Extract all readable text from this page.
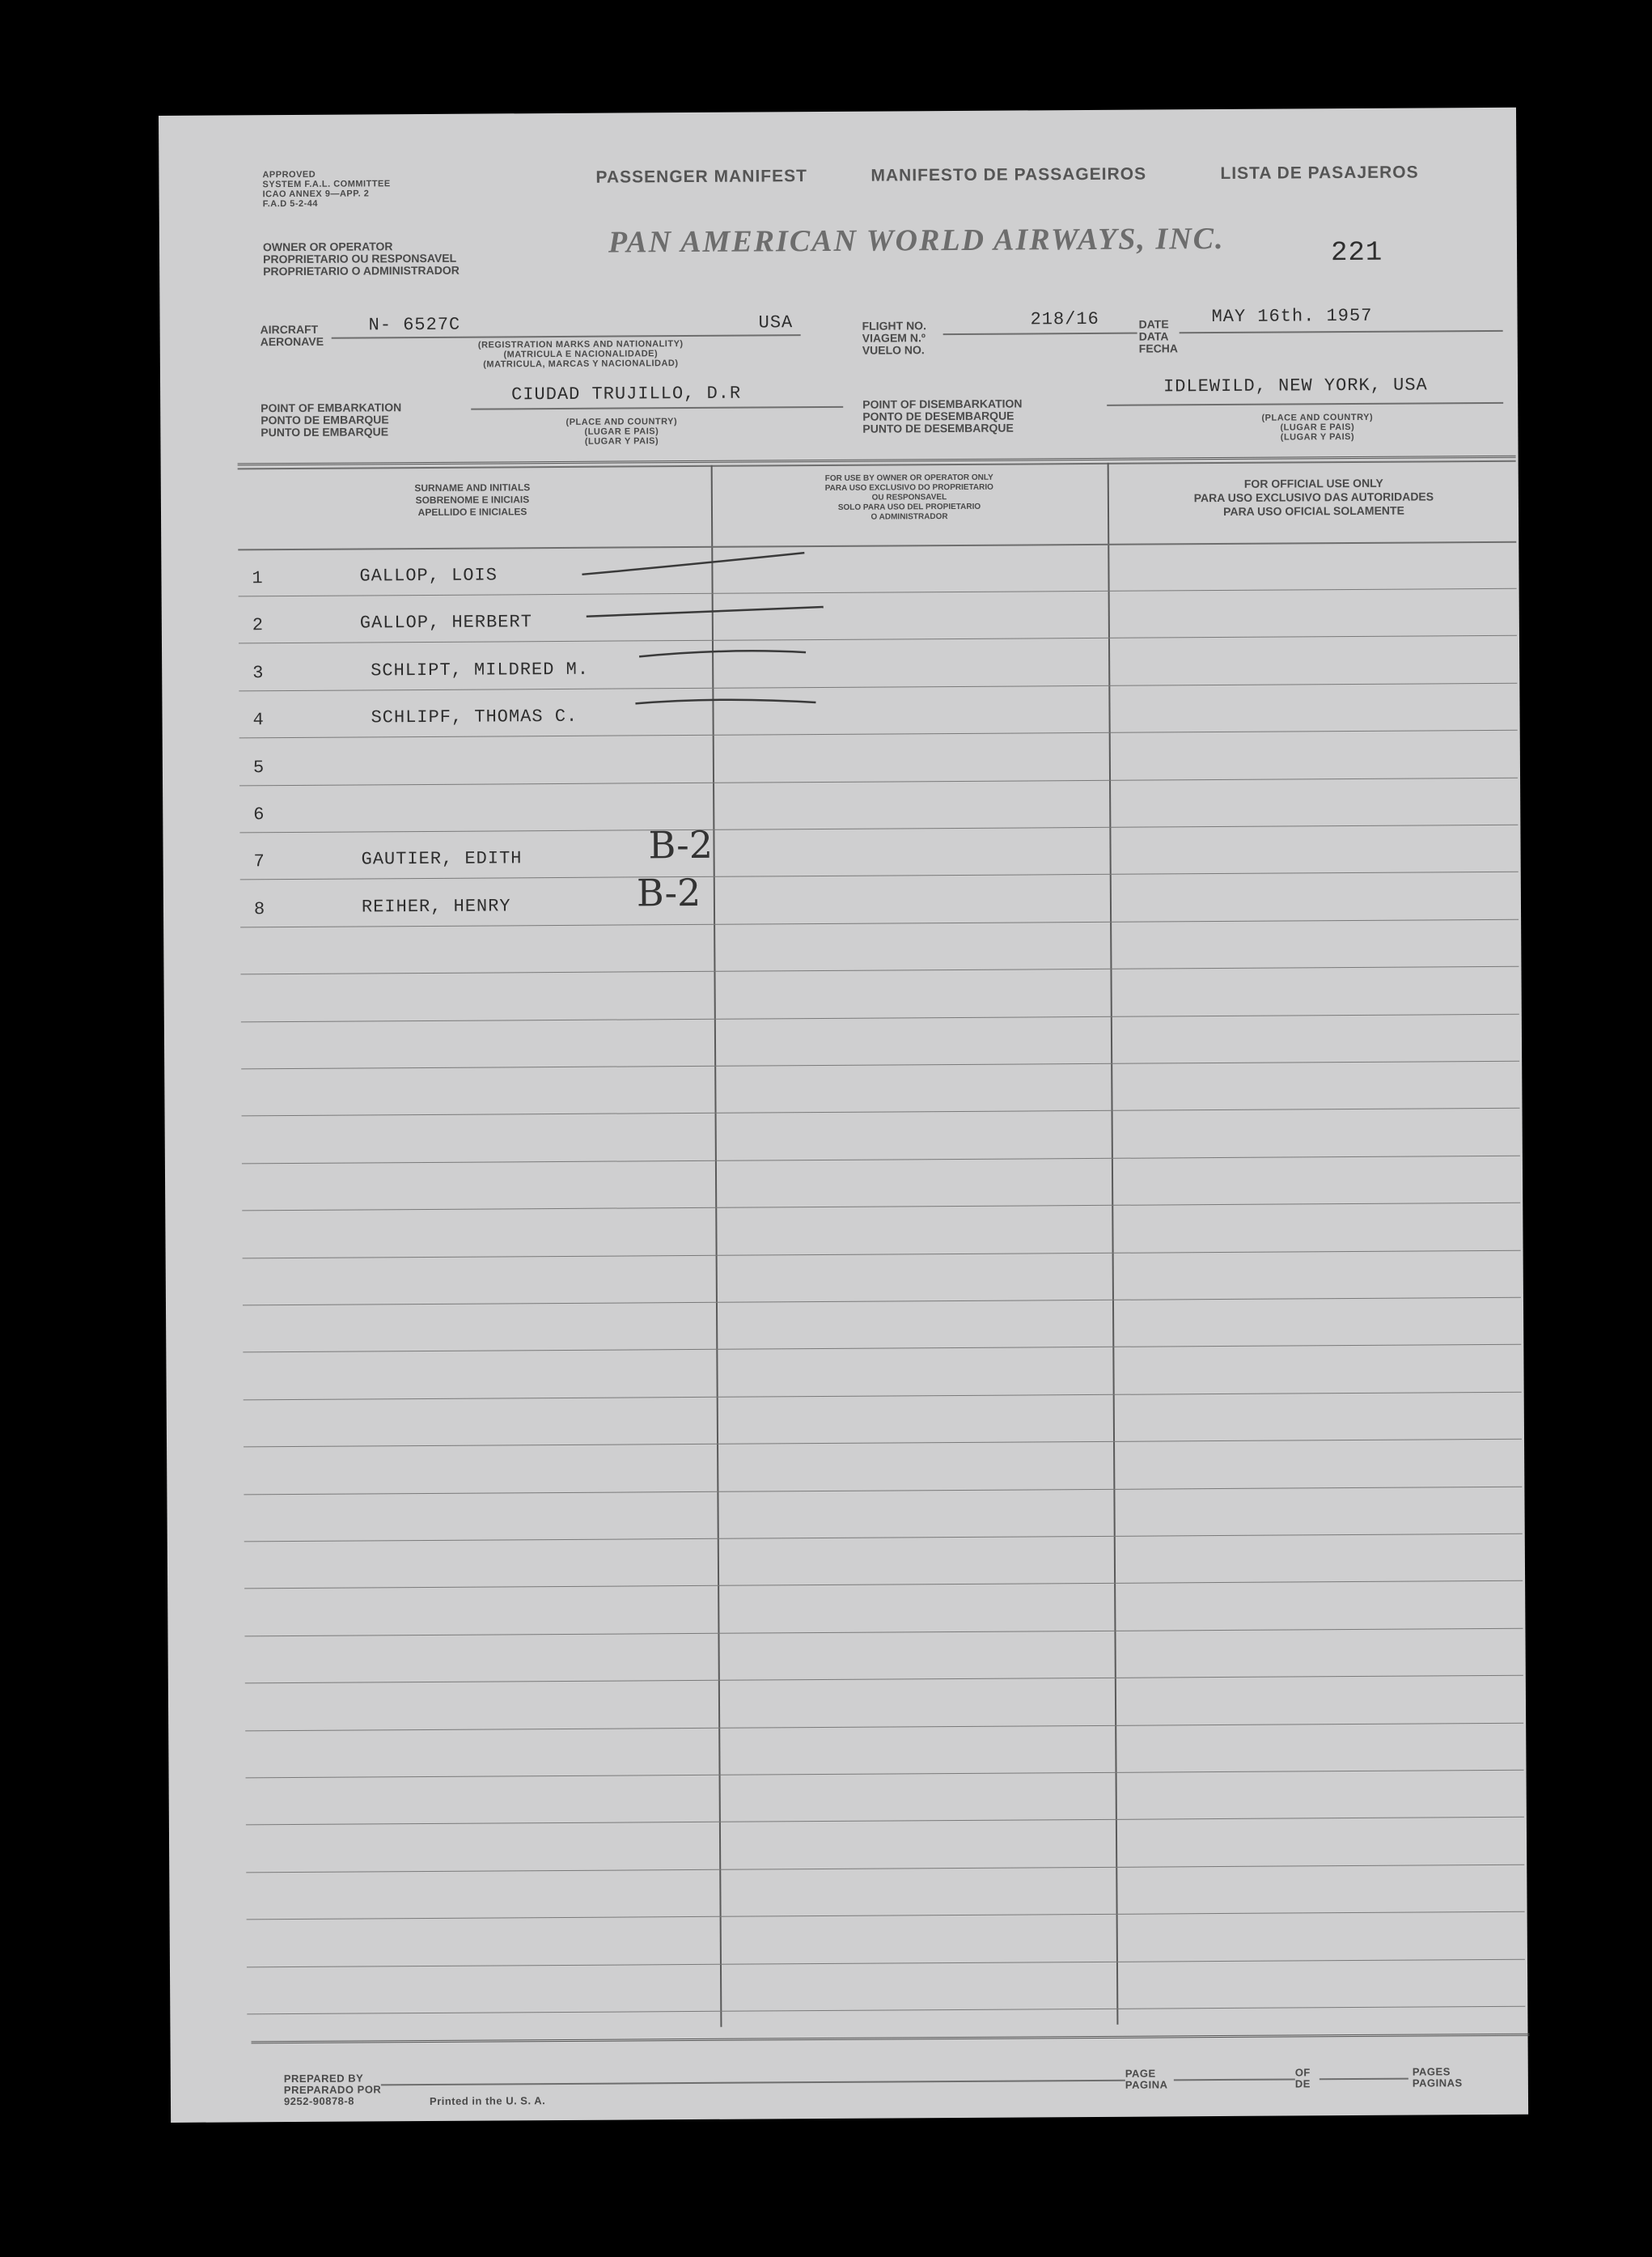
APPROVED
SYSTEM F.A.L. COMMITTEE
ICAO ANNEX 9—APP. 2
F.A.D 5-2-44
OWNER OR OPERATOR
PROPRIETARIO OU RESPONSAVEL
PROPRIETARIO O ADMINISTRADOR
PASSENGER MANIFEST	MANIFESTO DE PASSAGEIROS	LISTA DE PASAJEROS
PAN AMERICAN WORLD AIRWAYS, INC.	221
AIRCRAFT
AERONAVE
N- 6527C	USA
(REGISTRATION MARKS AND NATIONALITY)
(MATRICULA E NACIONALIDADE)
(MATRICULA, MARCAS Y NACIONALIDAD)
FLIGHT NO.
VIAGEM N.º
VUELO NO.
218/16	DATE
DATA
FECHA
MAY 16th. 1957
POINT OF EMBARKATION
PONTO DE EMBARQUE
PUNTO DE EMBARQUE
CIUDAD TRUJILLO, D.R
(PLACE AND COUNTRY)
(LUGAR E PAIS)
(LUGAR Y PAIS)
POINT OF DISEMBARKATION
PONTO DE DESEMBARQUE
PUNTO DE DESEMBARQUE
IDLEWILD, NEW YORK, USA
(PLACE AND COUNTRY)
(LUGAR E PAIS)
(LUGAR Y PAIS)
SURNAME AND INITIALS
SOBRENOME E INICIAIS
APELLIDO E INICIALES
FOR USE BY OWNER OR OPERATOR ONLY
PARA USO EXCLUSIVO DO PROPRIETARIO
OU RESPONSAVEL
SOLO PARA USO DEL PROPIETARIO
O ADMINISTRADOR
FOR OFFICIAL USE ONLY
PARA USO EXCLUSIVO DAS AUTORIDADES
PARA USO OFICIAL SOLAMENTE
1	GALLOP, LOIS
2	GALLOP, HERBERT
3	SCHLIPT, MILDRED M.
4	SCHLIPF, THOMAS C.
5
6
7	GAUTIER, EDITH	B-2
8	REIHER, HENRY	B-2
PREPARED BY
PREPARADO POR
9252-90878-8	Printed in the U. S. A.
PAGE
PAGINA
OF
DE
PAGES
PAGINAS
